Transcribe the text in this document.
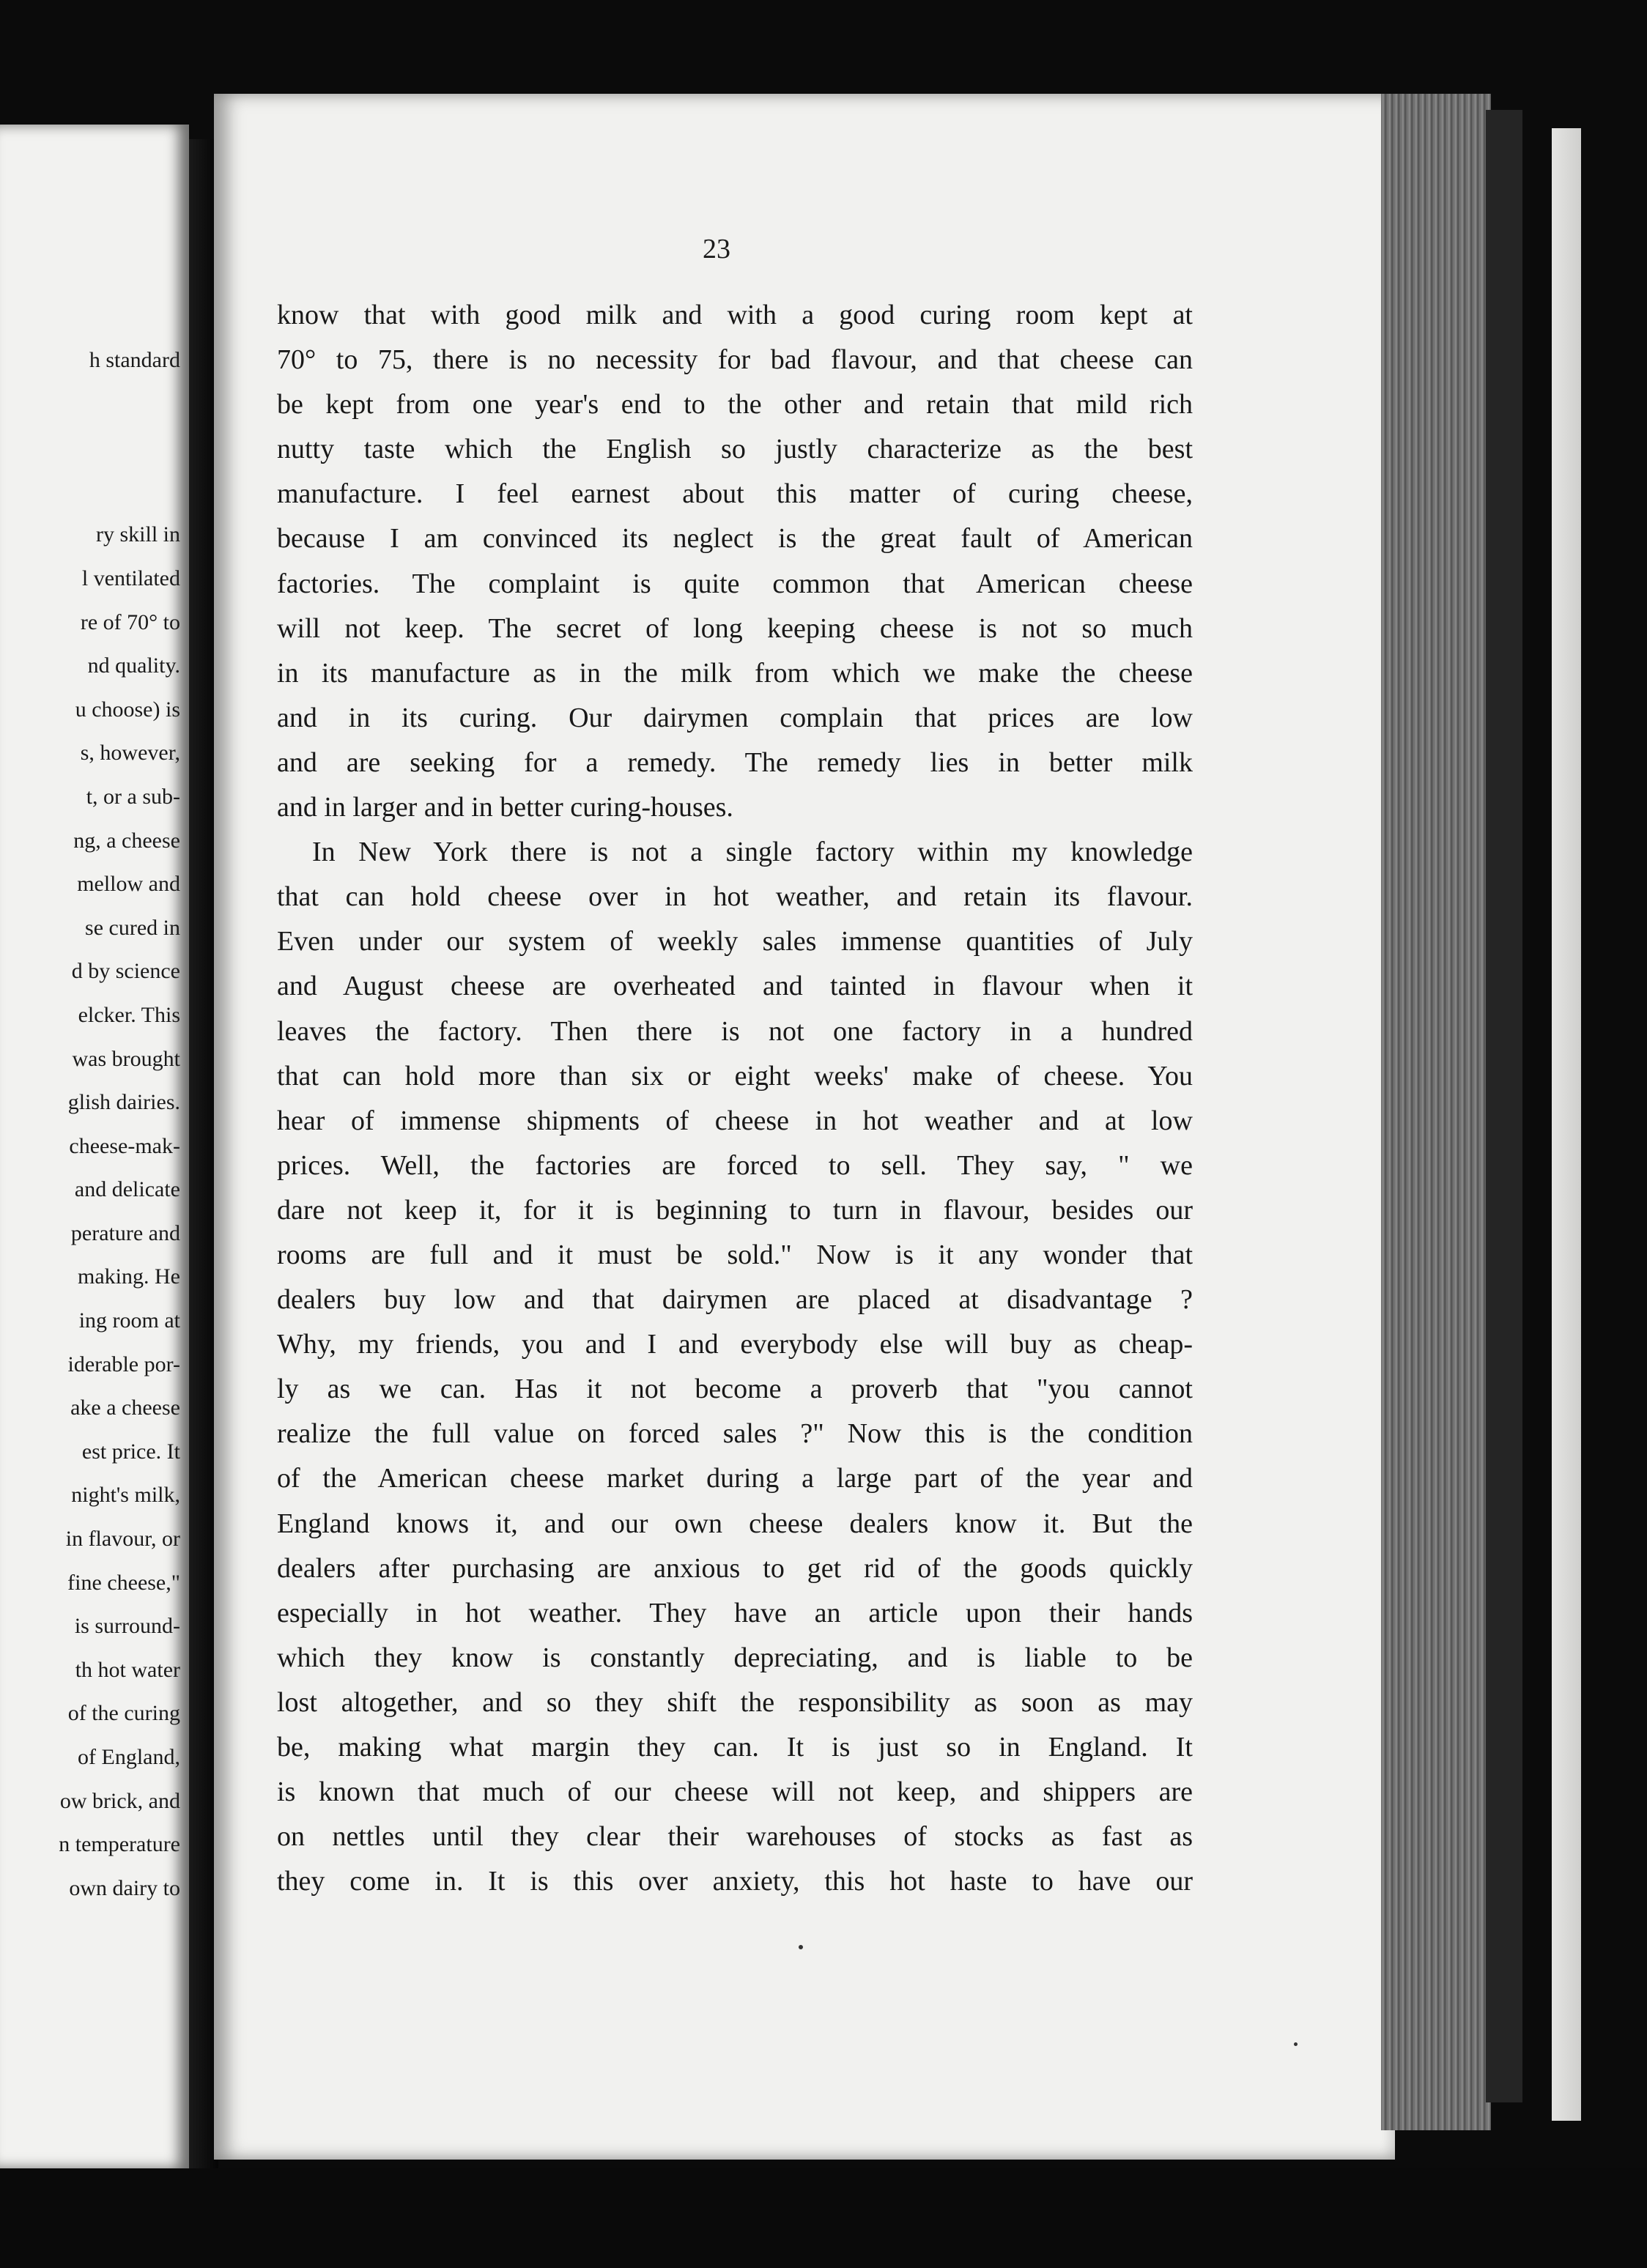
h standard
ry skill in
l ventilated
re of 70° to
nd quality.
u choose) is
s, however,
t, or a sub-
ng, a cheese
mellow and
se cured in
d by science
elcker. This
was brought
glish dairies.
cheese-mak-
and delicate
perature and
making. He
ing room at
iderable por-
ake a cheese
est price. It
night's milk,
in flavour, or
fine cheese,"
is surround-
th hot water
of the curing
of England,
ow brick, and
n temperature
own dairy to
23
know that with good milk and with a good curing room kept at
70° to 75, there is no necessity for bad flavour, and that cheese can
be kept from one year's end to the other and retain that mild rich
nutty taste which the English so justly characterize as the best
manufacture. I feel earnest about this matter of curing cheese,
because I am convinced its neglect is the great fault of American
factories. The complaint is quite common that American cheese
will not keep. The secret of long keeping cheese is not so much
in its manufacture as in the milk from which we make the cheese
and in its curing. Our dairymen complain that prices are low
and are seeking for a remedy. The remedy lies in better milk
and in larger and in better curing-houses.
In New York there is not a single factory within my knowledge
that can hold cheese over in hot weather, and retain its flavour.
Even under our system of weekly sales immense quantities of July
and August cheese are overheated and tainted in flavour when it
leaves the factory. Then there is not one factory in a hundred
that can hold more than six or eight weeks' make of cheese. You
hear of immense shipments of cheese in hot weather and at low
prices. Well, the factories are forced to sell. They say, " we
dare not keep it, for it is beginning to turn in flavour, besides our
rooms are full and it must be sold." Now is it any wonder that
dealers buy low and that dairymen are placed at disadvantage ?
Why, my friends, you and I and everybody else will buy as cheap-
ly as we can. Has it not become a proverb that "you cannot
realize the full value on forced sales ?" Now this is the condition
of the American cheese market during a large part of the year and
England knows it, and our own cheese dealers know it. But the
dealers after purchasing are anxious to get rid of the goods quickly
especially in hot weather. They have an article upon their hands
which they know is constantly depreciating, and is liable to be
lost altogether, and so they shift the responsibility as soon as may
be, making what margin they can. It is just so in England. It
is known that much of our cheese will not keep, and shippers are
on nettles until they clear their warehouses of stocks as fast as
they come in. It is this over anxiety, this hot haste to have our
